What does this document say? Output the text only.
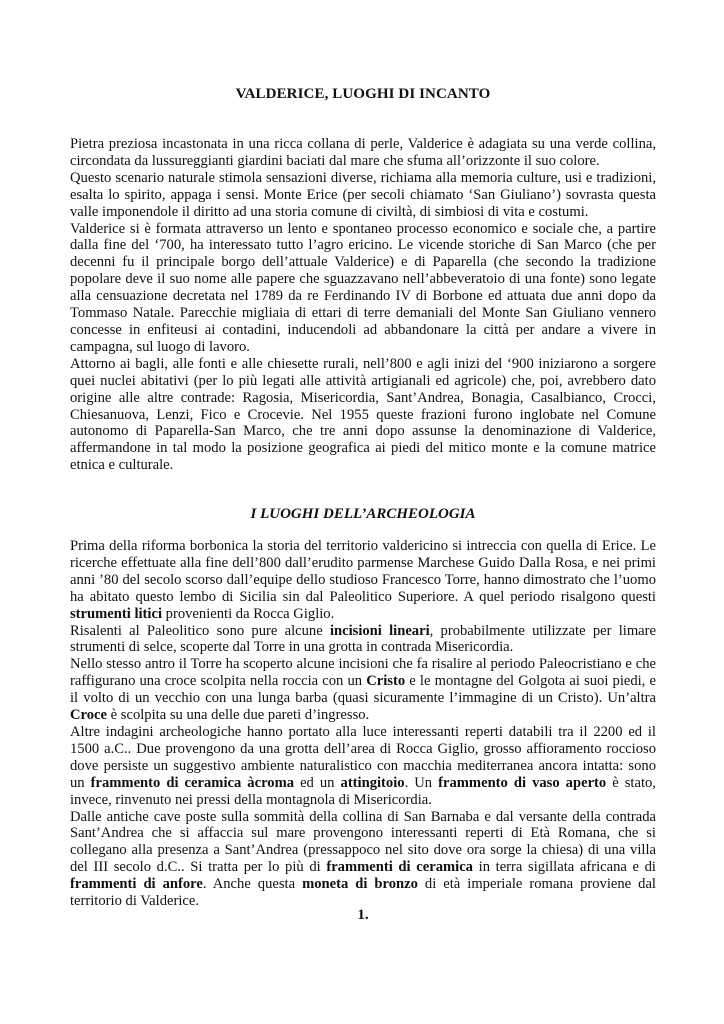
VALDERICE, LUOGHI DI INCANTO

Pietra preziosa incastonata in una ricca collana di perle, Valderice è adagiata su una verde collina, circondata da lussureggianti giardini baciati dal mare che sfuma all’orizzonte il suo colore.

Questo scenario naturale stimola sensazioni diverse, richiama alla memoria culture, usi e tradizioni, esalta lo spirito, appaga i sensi. Monte Erice (per secoli chiamato ‘San Giuliano’) sovrasta questa valle imponendole il diritto ad una storia comune di civiltà, di simbiosi di vita e costumi.

Valderice si è formata attraverso un lento e spontaneo processo economico e sociale che, a partire dalla fine del ‘700, ha interessato tutto l’agro ericino. Le vicende storiche di San Marco (che per decenni fu il principale borgo dell’attuale Valderice) e di Paparella (che secondo la tradizione popolare deve il suo nome alle papere che sguazzavano nell’abbeveratoio di una fonte) sono legate alla censuazione decretata nel 1789 da re Ferdinando IV di Borbone ed attuata due anni dopo da Tommaso Natale. Parecchie migliaia di ettari di terre demaniali del Monte San Giuliano vennero concesse in enfiteusi ai contadini, inducendoli ad abbandonare la città per andare a vivere in campagna, sul luogo di lavoro.

Attorno ai bagli, alle fonti e alle chiesette rurali, nell’800 e agli inizi del ‘900 iniziarono a sorgere quei nuclei abitativi (per lo più legati alle attività artigianali ed agricole) che, poi, avrebbero dato origine alle altre contrade: Ragosia, Misericordia, Sant’Andrea, Bonagia, Casalbianco, Crocci, Chiesanuova, Lenzi, Fico e Crocevie. Nel 1955 queste frazioni furono inglobate nel Comune autonomo di Paparella-San Marco, che tre anni dopo assunse la denominazione di Valderice, affermandone in tal modo la posizione geografica ai piedi del mitico monte e la comune matrice etnica e culturale.

I LUOGHI DELL’ARCHEOLOGIA

Prima della riforma borbonica la storia del territorio valdericino si intreccia con quella di Erice. Le ricerche effettuate alla fine dell’800 dall’erudito parmense Marchese Guido Dalla Rosa, e nei primi anni ’80 del secolo scorso dall’equipe dello studioso Francesco Torre, hanno dimostrato che l’uomo ha abitato questo lembo di Sicilia sin dal Paleolitico Superiore. A quel periodo risalgono questi strumenti litici provenienti da Rocca Giglio.

Risalenti al Paleolitico sono pure alcune incisioni lineari, probabilmente utilizzate per limare strumenti di selce, scoperte dal Torre in una grotta in contrada Misericordia.

Nello stesso antro il Torre ha scoperto alcune incisioni che fa risalire al periodo Paleocristiano e che raffigurano una croce scolpita nella roccia con un Cristo e le montagne del Golgota ai suoi piedi, e il volto di un vecchio con una lunga barba (quasi sicuramente l’immagine di un Cristo). Un’altra Croce è scolpita su una delle due pareti d’ingresso.

Altre indagini archeologiche hanno portato alla luce interessanti reperti databili tra il 2200 ed il 1500 a.C.. Due provengono da una grotta dell’area di Rocca Giglio, grosso affioramento roccioso dove persiste un suggestivo ambiente naturalistico con macchia mediterranea ancora intatta: sono un frammento di ceramica àcroma ed un attingitoio. Un frammento di vaso aperto è stato, invece, rinvenuto nei pressi della montagnola di Misericordia.

Dalle antiche cave poste sulla sommità della collina di San Barnaba e dal versante della contrada Sant’Andrea che si affaccia sul mare provengono interessanti reperti di Età Romana, che si collegano alla presenza a Sant’Andrea (pressappoco nel sito dove ora sorge la chiesa) di una villa del III secolo d.C.. Si tratta per lo più di frammenti di ceramica in terra sigillata africana e di frammenti di anfore. Anche questa moneta di bronzo di età imperiale romana proviene dal territorio di Valderice.

1.
